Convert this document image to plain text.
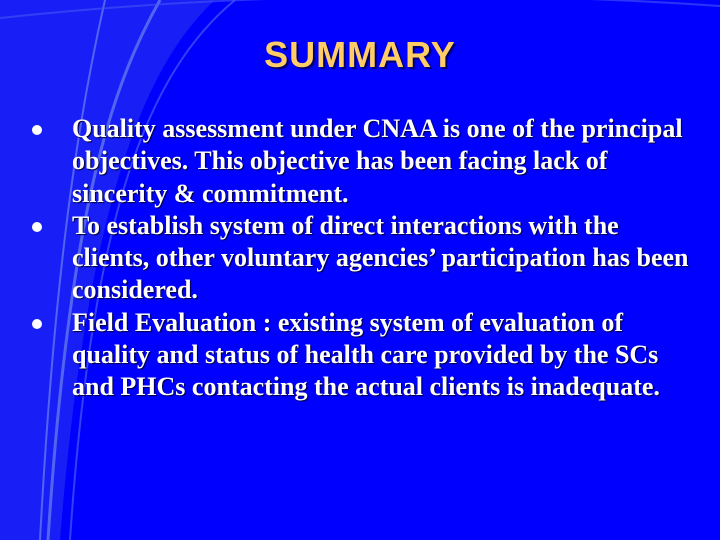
SUMMARY
Quality assessment under CNAA is one of the principal objectives. This objective has been facing lack of sincerity & commitment.
To establish system of direct interactions with the clients, other voluntary agencies’ participation has been considered.
Field Evaluation : existing system of evaluation of quality and status of health care provided by the SCs and PHCs contacting the actual clients is inadequate.
